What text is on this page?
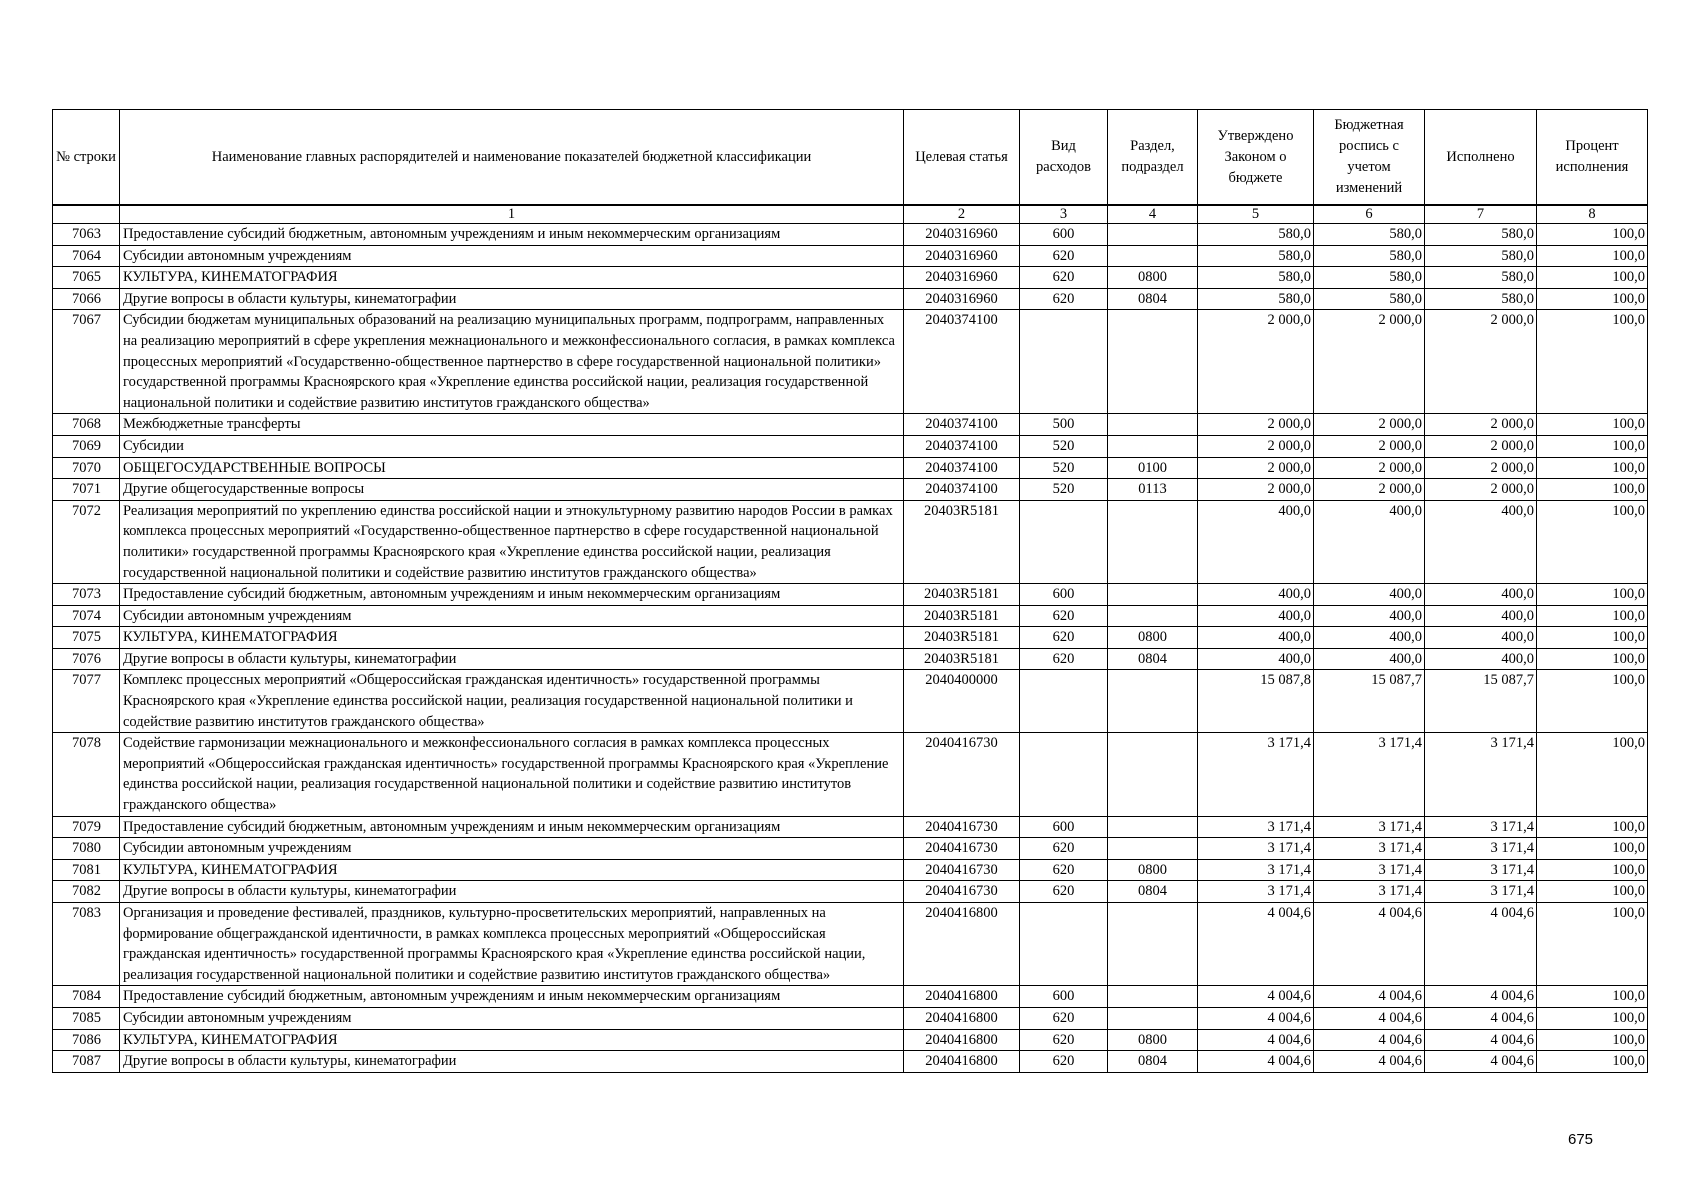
№ строки	Наименование главных распорядителей и наименование показателей бюджетной классификации	Целевая статья	Вид расходов	Раздел, подраздел	Утверждено Законом о бюджете	Бюджетная роспись с учетом изменений	Исполнено	Процент исполнения
	1	2	3	4	5	6	7	8
7063	Предоставление субсидий бюджетным, автономным учреждениям и иным некоммерческим организациям	2040316960	600		580,0	580,0	580,0	100,0
7064	Субсидии автономным учреждениям	2040316960	620		580,0	580,0	580,0	100,0
7065	КУЛЬТУРА, КИНЕМАТОГРАФИЯ	2040316960	620	0800	580,0	580,0	580,0	100,0
7066	Другие вопросы в области культуры, кинематографии	2040316960	620	0804	580,0	580,0	580,0	100,0
7067	Субсидии бюджетам муниципальных образований на реализацию муниципальных программ, подпрограмм, направленных на реализацию мероприятий в сфере укрепления межнационального и межконфессионального согласия, в рамках комплекса процессных мероприятий «Государственно-общественное партнерство в сфере государственной национальной политики» государственной программы Красноярского края «Укрепление единства российской нации, реализация государственной национальной политики и содействие развитию институтов гражданского общества»	2040374100			2 000,0	2 000,0	2 000,0	100,0
7068	Межбюджетные трансферты	2040374100	500		2 000,0	2 000,0	2 000,0	100,0
7069	Субсидии	2040374100	520		2 000,0	2 000,0	2 000,0	100,0
7070	ОБЩЕГОСУДАРСТВЕННЫЕ ВОПРОСЫ	2040374100	520	0100	2 000,0	2 000,0	2 000,0	100,0
7071	Другие общегосударственные вопросы	2040374100	520	0113	2 000,0	2 000,0	2 000,0	100,0
7072	Реализация мероприятий по укреплению единства российской нации и этнокультурному развитию народов России в рамках комплекса процессных мероприятий «Государственно-общественное партнерство в сфере государственной национальной политики» государственной программы Красноярского края «Укрепление единства российской нации, реализация государственной национальной политики и содействие развитию институтов гражданского общества»	20403R5181			400,0	400,0	400,0	100,0
7073	Предоставление субсидий бюджетным, автономным учреждениям и иным некоммерческим организациям	20403R5181	600		400,0	400,0	400,0	100,0
7074	Субсидии автономным учреждениям	20403R5181	620		400,0	400,0	400,0	100,0
7075	КУЛЬТУРА, КИНЕМАТОГРАФИЯ	20403R5181	620	0800	400,0	400,0	400,0	100,0
7076	Другие вопросы в области культуры, кинематографии	20403R5181	620	0804	400,0	400,0	400,0	100,0
7077	Комплекс процессных мероприятий «Общероссийская гражданская идентичность» государственной программы Красноярского края «Укрепление единства российской нации, реализация государственной национальной политики и содействие развитию институтов гражданского общества»	2040400000			15 087,8	15 087,7	15 087,7	100,0
7078	Содействие гармонизации межнационального и межконфессионального согласия в рамках комплекса процессных мероприятий «Общероссийская гражданская идентичность» государственной программы Красноярского края «Укрепление единства российской нации, реализация государственной национальной политики и содействие развитию институтов гражданского общества»	2040416730			3 171,4	3 171,4	3 171,4	100,0
7079	Предоставление субсидий бюджетным, автономным учреждениям и иным некоммерческим организациям	2040416730	600		3 171,4	3 171,4	3 171,4	100,0
7080	Субсидии автономным учреждениям	2040416730	620		3 171,4	3 171,4	3 171,4	100,0
7081	КУЛЬТУРА, КИНЕМАТОГРАФИЯ	2040416730	620	0800	3 171,4	3 171,4	3 171,4	100,0
7082	Другие вопросы в области культуры, кинематографии	2040416730	620	0804	3 171,4	3 171,4	3 171,4	100,0
7083	Организация и проведение фестивалей, праздников, культурно-просветительских мероприятий, направленных на формирование общегражданской идентичности, в рамках комплекса процессных мероприятий «Общероссийская гражданская идентичность» государственной программы Красноярского края «Укрепление единства российской нации, реализация государственной национальной политики и содействие развитию институтов гражданского общества»	2040416800			4 004,6	4 004,6	4 004,6	100,0
7084	Предоставление субсидий бюджетным, автономным учреждениям и иным некоммерческим организациям	2040416800	600		4 004,6	4 004,6	4 004,6	100,0
7085	Субсидии автономным учреждениям	2040416800	620		4 004,6	4 004,6	4 004,6	100,0
7086	КУЛЬТУРА, КИНЕМАТОГРАФИЯ	2040416800	620	0800	4 004,6	4 004,6	4 004,6	100,0
7087	Другие вопросы в области культуры, кинематографии	2040416800	620	0804	4 004,6	4 004,6	4 004,6	100,0
675
